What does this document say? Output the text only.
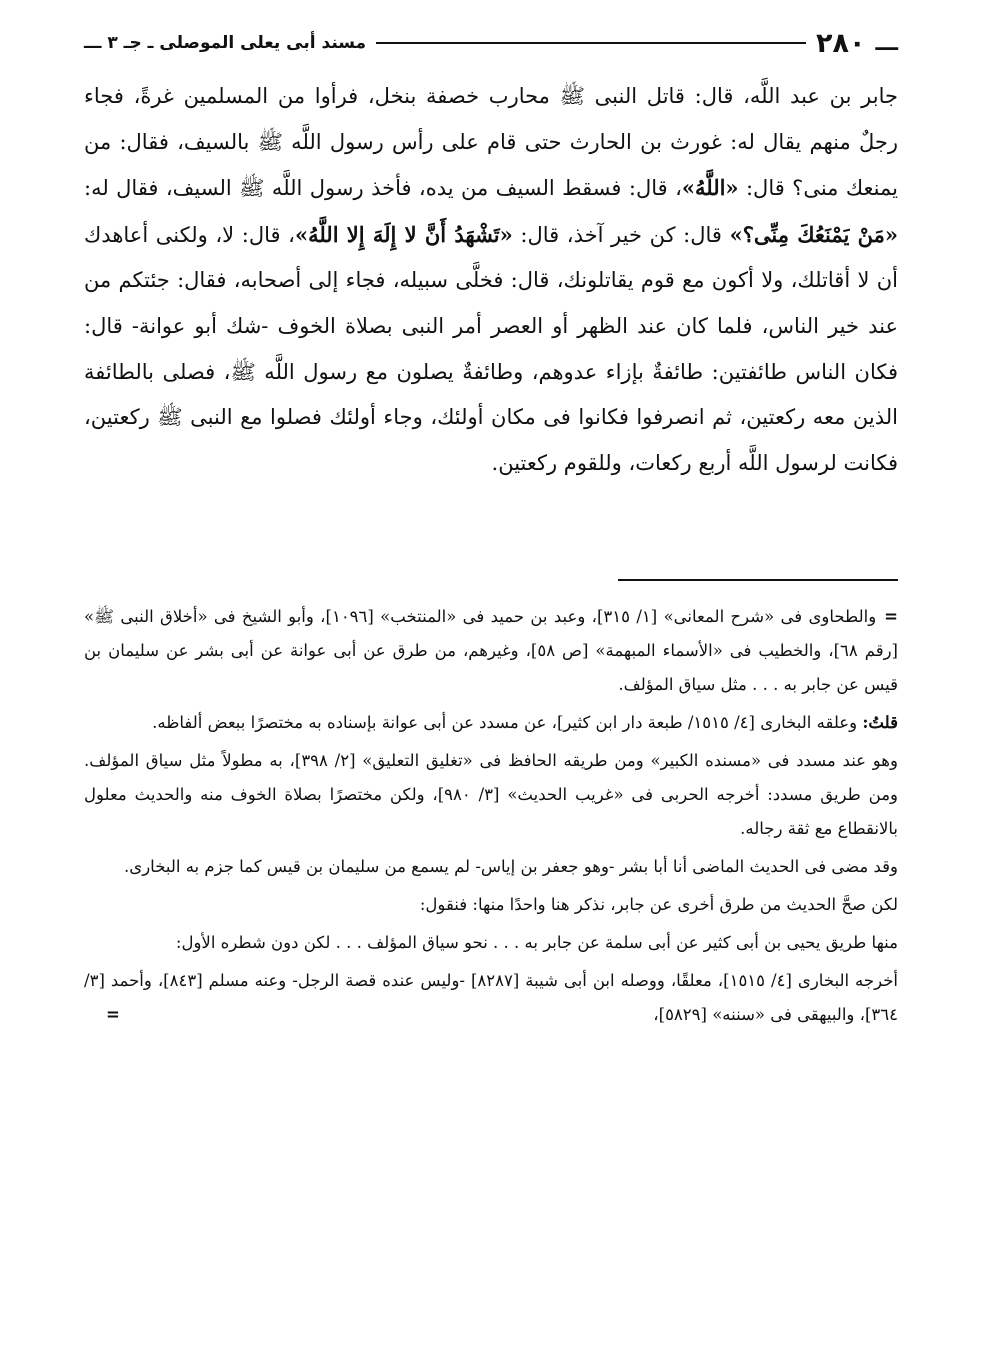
ـــ
٢٨٠
مسند أبى يعلى الموصلى ـ جـ ٣ ـــ

جابر بن عبد اللَّه، قال: قاتل النبى ﷺ محارب خصفة بنخل، فرأوا من المسلمين غرةً، فجاء رجلٌ منهم يقال له: غورث بن الحارث حتى قام على رأس رسول اللَّه ﷺ بالسيف، فقال: من يمنعك منى؟ قال: «اللَّهُ»، قال: فسقط السيف من يده، فأخذ رسول اللَّه ﷺ السيف، فقال له: «مَنْ يَمْنَعُكَ مِنِّى؟» قال: كن خير آخذ، قال: «تَشْهَدُ أَنَّ لا إِلَهَ إِلا اللَّهُ»، قال: لا، ولكنى أعاهدك أن لا أقاتلك، ولا أكون مع قوم يقاتلونك، قال: فخلَّى سبيله، فجاء إلى أصحابه، فقال: جئتكم من عند خير الناس، فلما كان عند الظهر أو العصر أمر النبى بصلاة الخوف -شك أبو عوانة- قال: فكان الناس طائفتين: طائفةٌ بإزاء عدوهم، وطائفةٌ يصلون مع رسول اللَّه ﷺ، فصلى بالطائفة الذين معه ركعتين، ثم انصرفوا فكانوا فى مكان أولئك، وجاء أولئك فصلوا مع النبى ﷺ ركعتين، فكانت لرسول اللَّه أربع ركعات، وللقوم ركعتين.

=والطحاوى فى «شرح المعانى» [١/ ٣١٥]، وعبد بن حميد فى «المنتخب» [١٠٩٦]، وأبو الشيخ فى «أخلاق النبى ﷺ» [رقم ٦٨]، والخطيب فى «الأسماء المبهمة» [ص ٥٨]، وغيرهم، من طرق عن أبى عوانة عن أبى بشر عن سليمان بن قيس عن جابر به . . . مثل سياق المؤلف.

قلتُ: وعلقه البخارى [٤/ ١٥١٥/ طبعة دار ابن كثير]، عن مسدد عن أبى عوانة بإسناده به مختصرًا ببعض ألفاظه.

وهو عند مسدد فى «مسنده الكبير» ومن طريقه الحافظ فى «تغليق التعليق» [٢/ ٣٩٨]، به مطولاً مثل سياق المؤلف. ومن طريق مسدد: أخرجه الحربى فى «غريب الحديث» [٣/ ٩٨٠]، ولكن مختصرًا بصلاة الخوف منه والحديث معلول بالانقطاع مع ثقة رجاله.

وقد مضى فى الحديث الماضى أنا أبا بشر -وهو جعفر بن إياس- لم يسمع من سليمان بن قيس كما جزم به البخارى.

لكن صحَّ الحديث من طرق أخرى عن جابر، نذكر هنا واحدًا منها: فنقول:

منها طريق يحيى بن أبى كثير عن أبى سلمة عن جابر به . . . نحو سياق المؤلف . . . لكن دون شطره الأول:

أخرجه البخارى [٤/ ١٥١٥]، معلقًا، ووصله ابن أبى شيبة [٨٢٨٧] -وليس عنده قصة الرجل- وعنه مسلم [٨٤٣]، وأحمد [٣/ ٣٦٤]، والبيهقى فى «سننه» [٥٨٢٩]،
=
